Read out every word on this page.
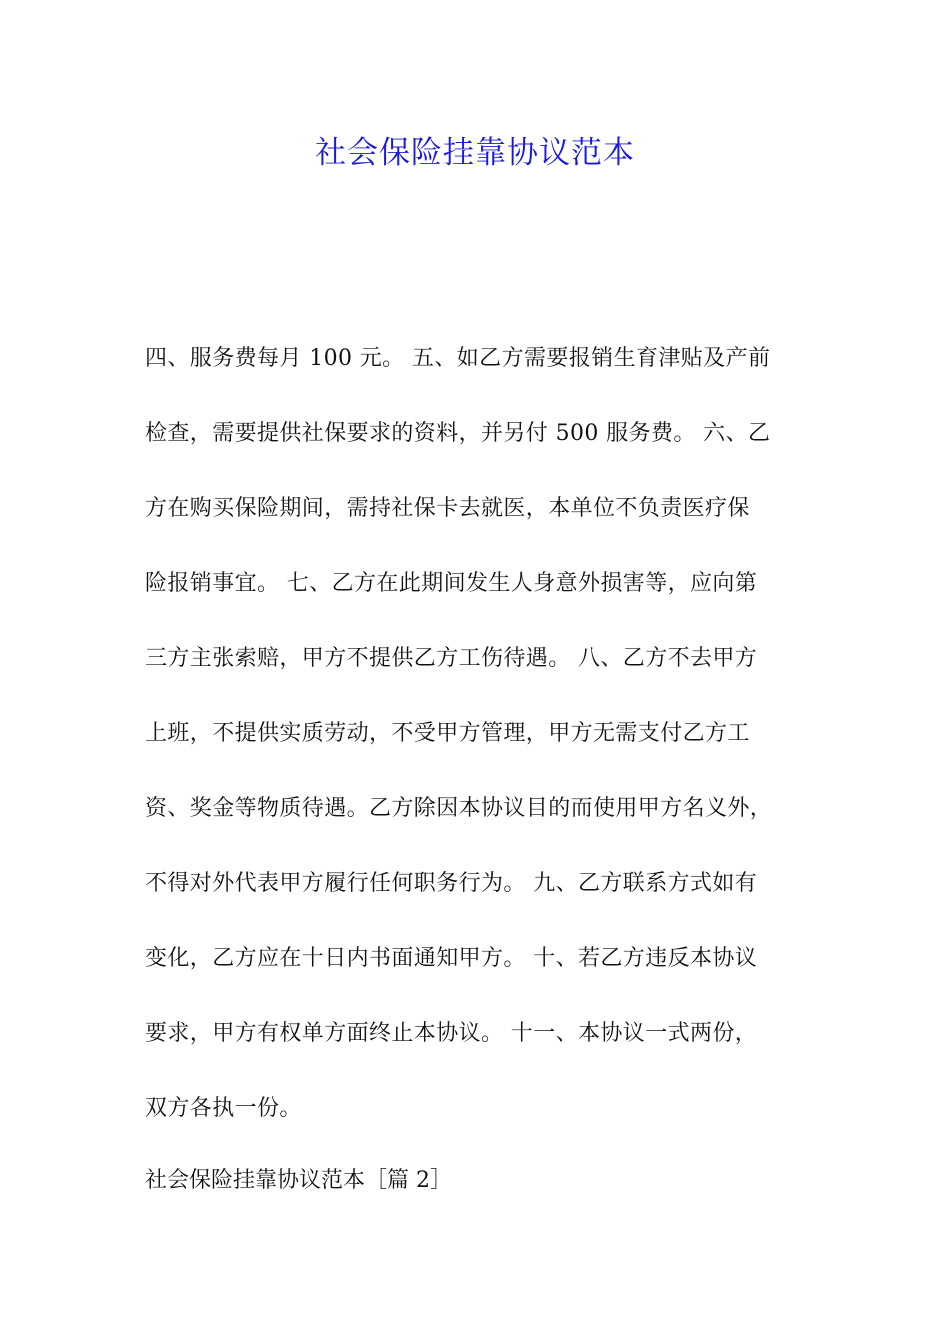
社会保险挂靠协议范本
四、服务费每月 100 元。 五、如乙方需要报销生育津贴及产前
检查，需要提供社保要求的资料，并另付 500 服务费。 六、乙
方在购买保险期间，需持社保卡去就医，本单位不负责医疗保
险报销事宜。 七、乙方在此期间发生人身意外损害等，应向第
三方主张索赔，甲方不提供乙方工伤待遇。 八、乙方不去甲方
上班，不提供实质劳动，不受甲方管理，甲方无需支付乙方工
资、奖金等物质待遇。乙方除因本协议目的而使用甲方名义外，
不得对外代表甲方履行任何职务行为。 九、乙方联系方式如有
变化，乙方应在十日内书面通知甲方。 十、若乙方违反本协议
要求，甲方有权单方面终止本协议。 十一、本协议一式两份，
双方各执一份。
社会保险挂靠协议范本［篇 2］
